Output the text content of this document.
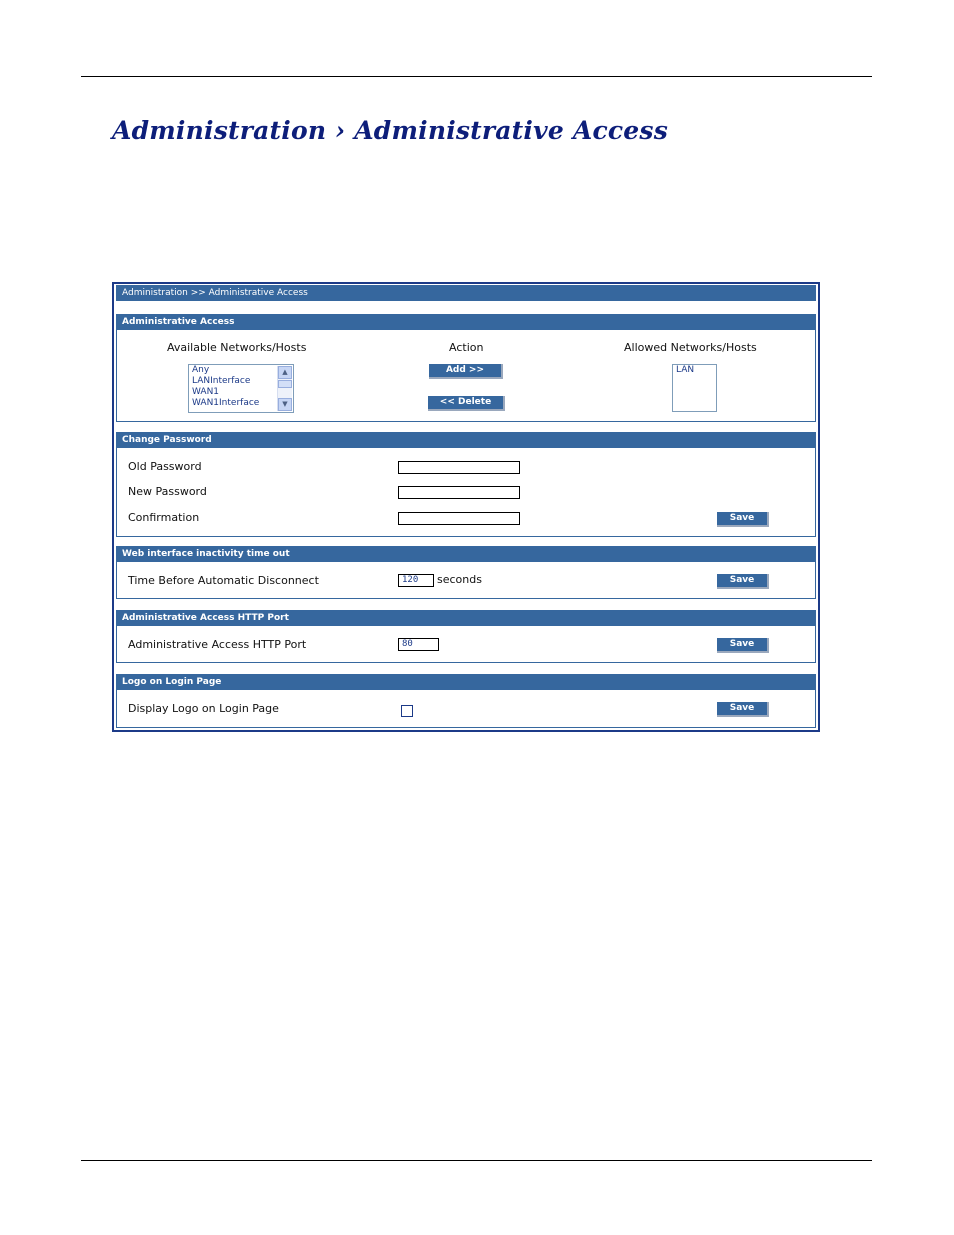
Administration › Administrative Access
Administration >> Administrative Access
Administrative Access
Available Networks/Hosts	Action	Allowed Networks/Hosts
Any
LANInterface
WAN1
WAN1Interface
▲
▼
Add >>
<< Delete
LAN
Change Password
Old Password
New Password
Confirmation	Save
Web interface inactivity time out
Time Before Automatic Disconnect	120	seconds	Save
Administrative Access HTTP Port
Administrative Access HTTP Port	80	Save
Logo on Login Page
Display Logo on Login Page	Save
